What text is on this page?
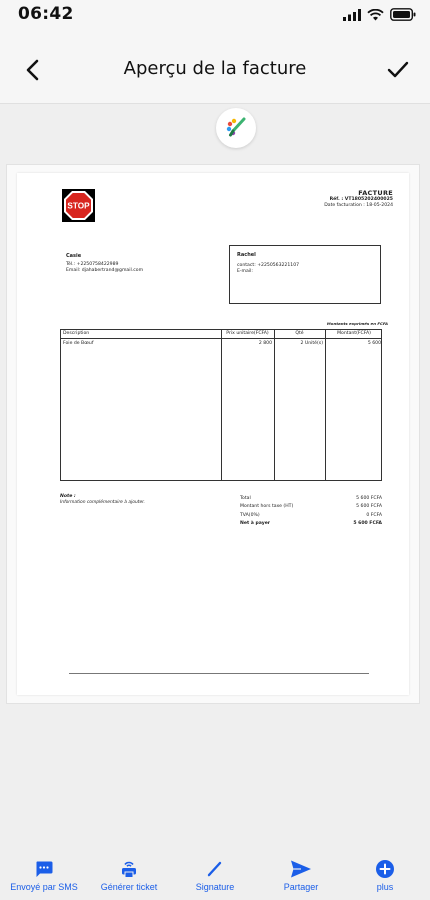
06:42
Aperçu de la facture
STOP
FACTURE
Réf. : VT1805202400025
Date facturation : 18-05-2024
Casie
Tél.: +2250758422989
Email: djahabertrand@gmail.com
Rachel
contact: +2250563221107
E-mail:
Montants exprimés en FCFA
Description	Prix unitaire(FCFA)	Qté	Montant(FCFA)
Foie de Bœuf	2 800	2 Unité(s)	5 600
Note :
Information complémentaire à ajouter.
Total	5 600 FCFA
Montant hors taxe (HT)	5 600 FCFA
TVA(0%)	0 FCFA
Net à payer	5 600 FCFA
Envoyé par SMS	Générer ticket	Signature	Partager	plus
